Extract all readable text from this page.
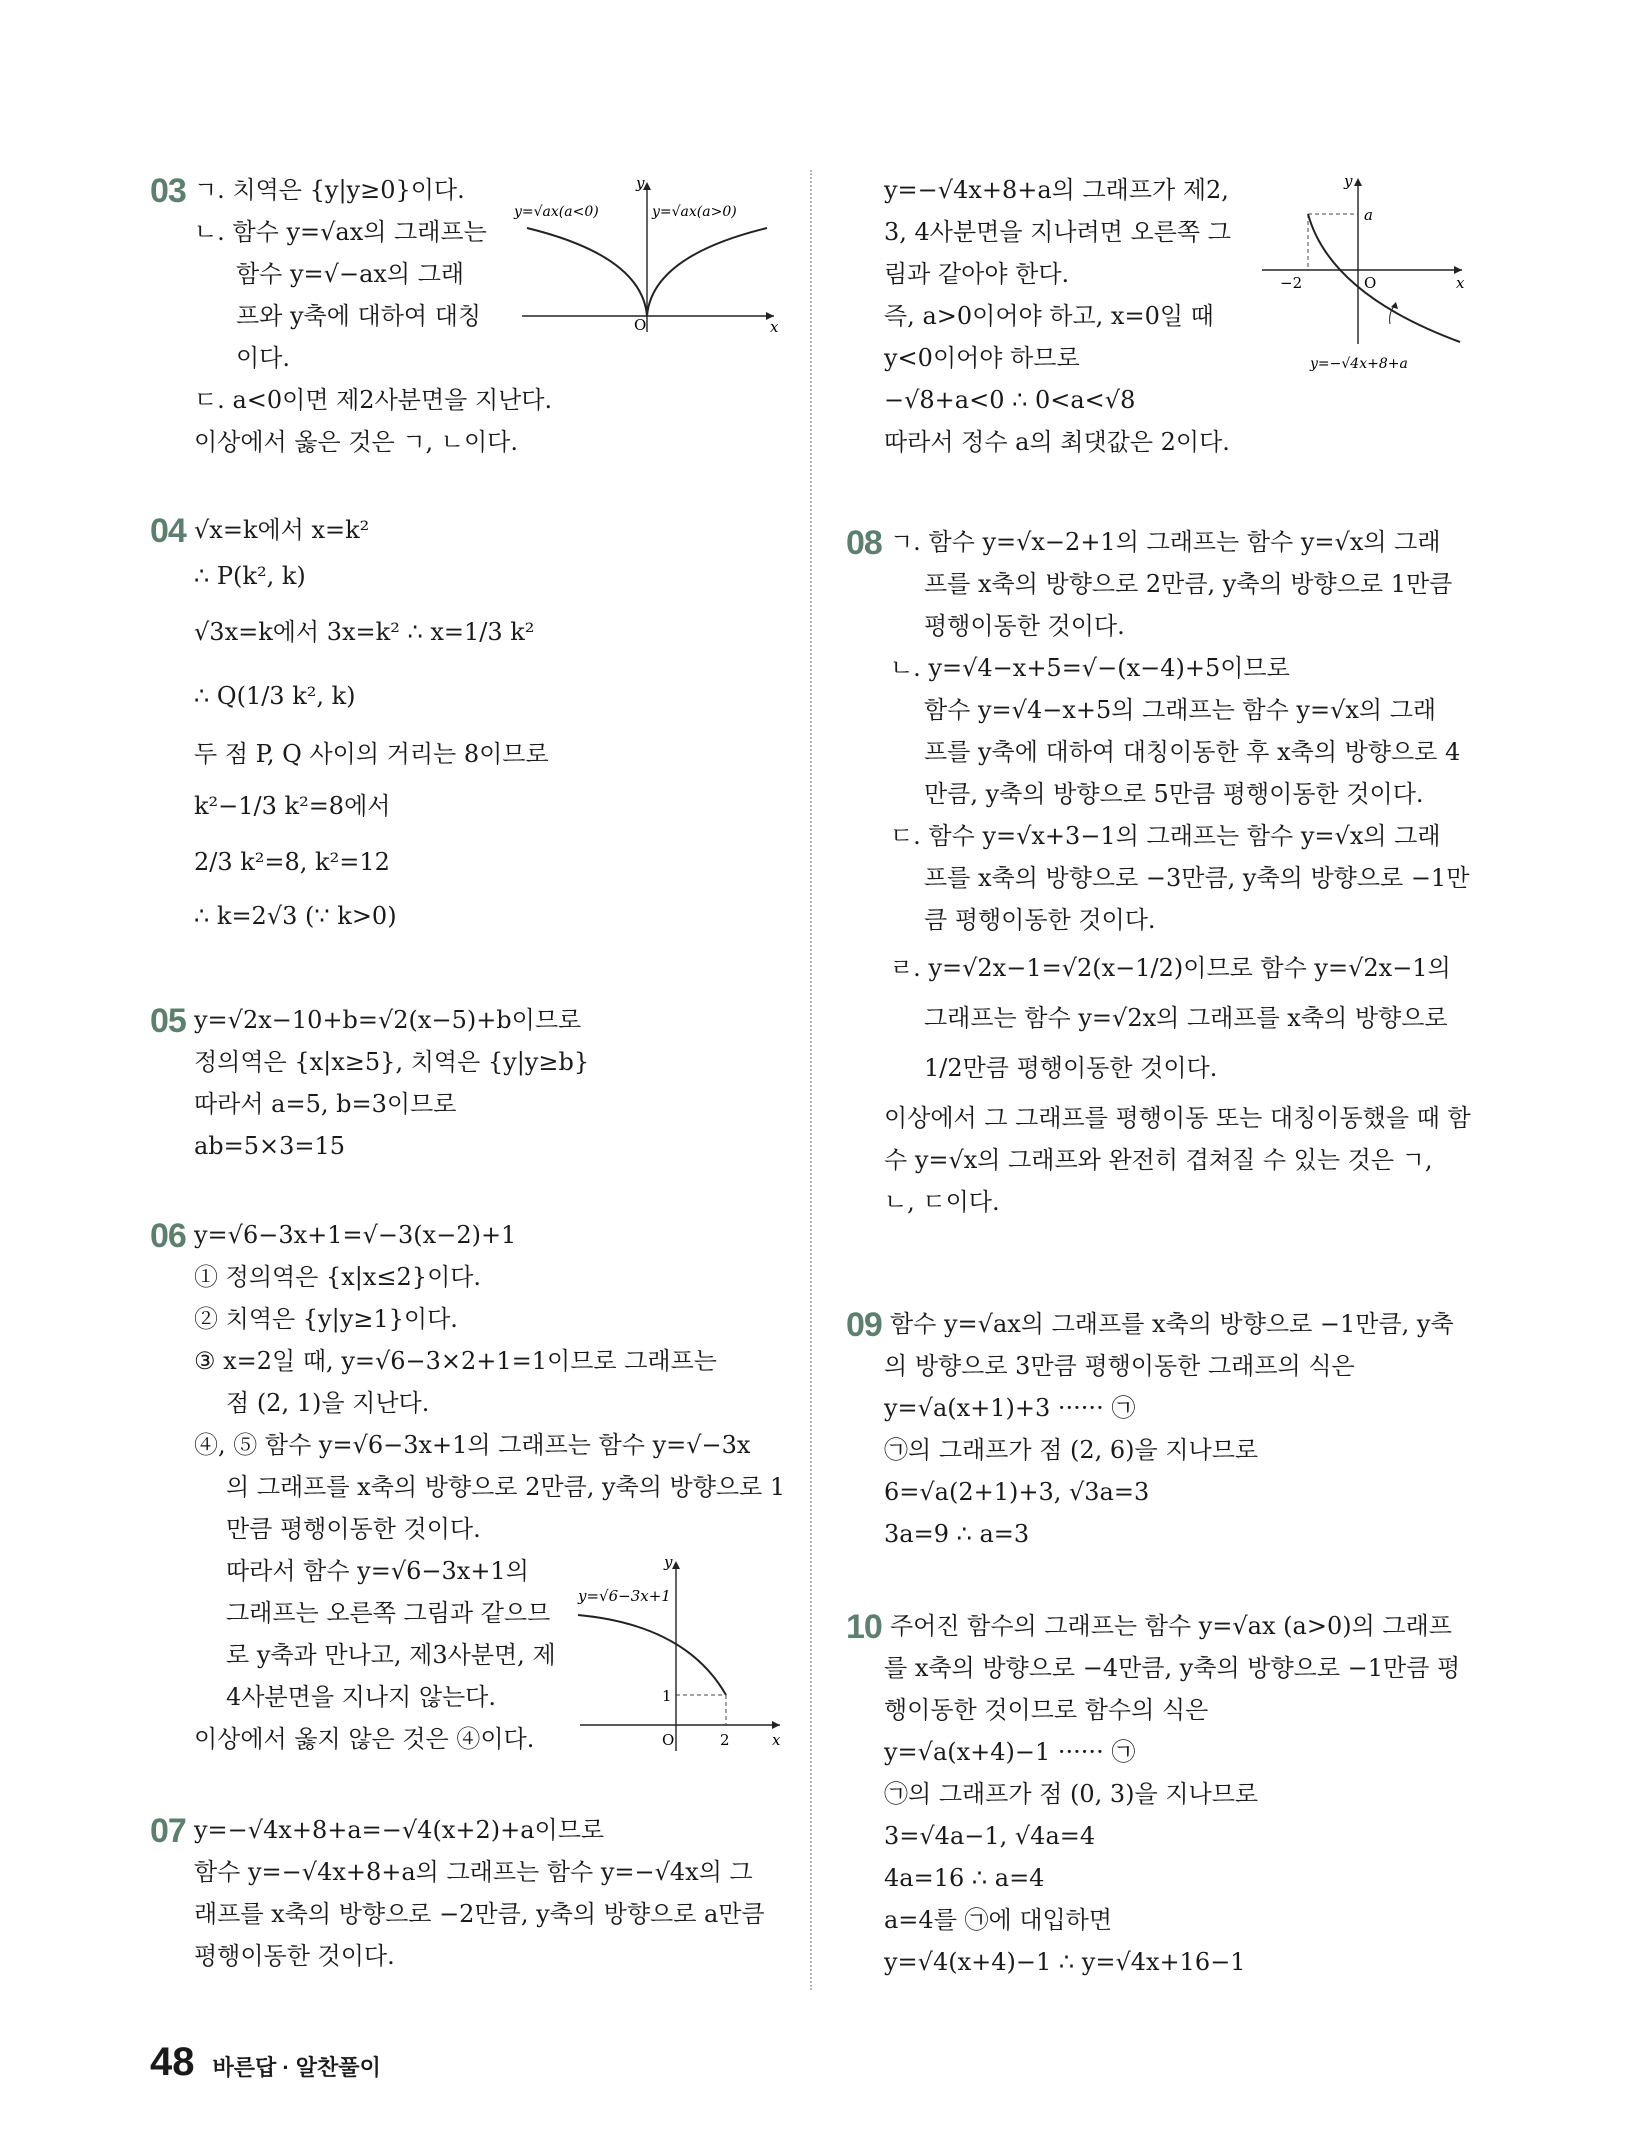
03 ㄱ. 치역은 {y|y≥0}이다.
ㄴ. 함수 y=√ax의 그래프는
함수 y=√−ax의 그래
프와 y축에 대하여 대칭
이다.
ㄷ. a<0이면 제2사분면을 지난다.
이상에서 옳은 것은 ㄱ, ㄴ이다.
y=√ax(a<0)	y=√ax(a>0)
O	x
y
04 √x=k에서 x=k²
∴ P(k², k)
√3x=k에서 3x=k² ∴ x=1/3 k²
∴ Q(1/3 k², k)
두 점 P, Q 사이의 거리는 8이므로
k²−1/3 k²=8에서
2/3 k²=8, k²=12
∴ k=2√3 (∵ k>0)
05 y=√2x−10+b=√2(x−5)+b이므로
정의역은 {x|x≥5}, 치역은 {y|y≥b}
따라서 a=5, b=3이므로
ab=5×3=15
06 y=√6−3x+1=√−3(x−2)+1
① 정의역은 {x|x≤2}이다.
② 치역은 {y|y≥1}이다.
③ x=2일 때, y=√6−3×2+1=1이므로 그래프는
점 (2, 1)을 지난다.
④, ⑤ 함수 y=√6−3x+1의 그래프는 함수 y=√−3x
의 그래프를 x축의 방향으로 2만큼, y축의 방향으로 1
만큼 평행이동한 것이다.
따라서 함수 y=√6−3x+1의
그래프는 오른쪽 그림과 같으므
로 y축과 만나고, 제3사분면, 제
4사분면을 지나지 않는다.
이상에서 옳지 않은 것은 ④이다.
y=√6−3x+1
1
2
O	x
y
07 y=−√4x+8+a=−√4(x+2)+a이므로
함수 y=−√4x+8+a의 그래프는 함수 y=−√4x의 그
래프를 x축의 방향으로 −2만큼, y축의 방향으로 a만큼
평행이동한 것이다.
y=−√4x+8+a의 그래프가 제2,
3, 4사분면을 지나려면 오른쪽 그
림과 같아야 한다.
즉, a>0이어야 하고, x=0일 때
y<0이어야 하므로
−√8+a<0 ∴ 0<a<√8
따라서 정수 a의 최댓값은 2이다.
a
−2	O	x
y
y=−√4x+8+a
08 ㄱ. 함수 y=√x−2+1의 그래프는 함수 y=√x의 그래
프를 x축의 방향으로 2만큼, y축의 방향으로 1만큼
평행이동한 것이다.
ㄴ. y=√4−x+5=√−(x−4)+5이므로
함수 y=√4−x+5의 그래프는 함수 y=√x의 그래
프를 y축에 대하여 대칭이동한 후 x축의 방향으로 4
만큼, y축의 방향으로 5만큼 평행이동한 것이다.
ㄷ. 함수 y=√x+3−1의 그래프는 함수 y=√x의 그래
프를 x축의 방향으로 −3만큼, y축의 방향으로 −1만
큼 평행이동한 것이다.
ㄹ. y=√2x−1=√2(x−1/2)이므로 함수 y=√2x−1의
그래프는 함수 y=√2x의 그래프를 x축의 방향으로
1/2만큼 평행이동한 것이다.
이상에서 그 그래프를 평행이동 또는 대칭이동했을 때 함
수 y=√x의 그래프와 완전히 겹쳐질 수 있는 것은 ㄱ,
ㄴ, ㄷ이다.
09 함수 y=√ax의 그래프를 x축의 방향으로 −1만큼, y축
의 방향으로 3만큼 평행이동한 그래프의 식은
y=√a(x+1)+3 ······ ㉠
㉠의 그래프가 점 (2, 6)을 지나므로
6=√a(2+1)+3, √3a=3
3a=9 ∴ a=3
10 주어진 함수의 그래프는 함수 y=√ax (a>0)의 그래프
를 x축의 방향으로 −4만큼, y축의 방향으로 −1만큼 평
행이동한 것이므로 함수의 식은
y=√a(x+4)−1 ······ ㉠
㉠의 그래프가 점 (0, 3)을 지나므로
3=√4a−1, √4a=4
4a=16 ∴ a=4
a=4를 ㉠에 대입하면
y=√4(x+4)−1 ∴ y=√4x+16−1
48 바른답 · 알찬풀이
